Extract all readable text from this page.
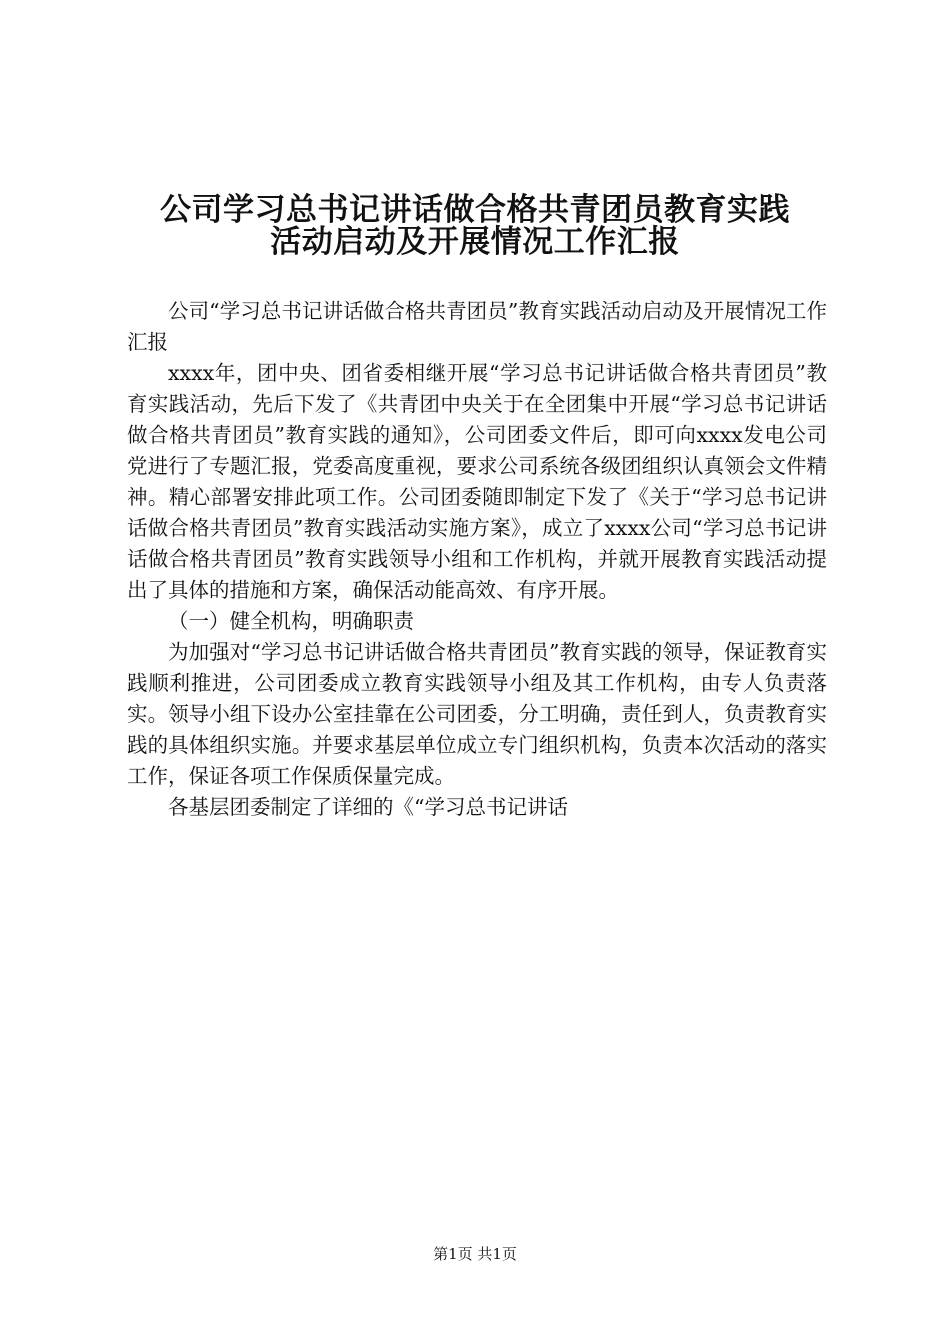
公司学习总书记讲话做合格共青团员教育实践
活动启动及开展情况工作汇报

公司“学习总书记讲话做合格共青团员”教育实践活动启动及开展情况工作汇报

xxxx年，团中央、团省委相继开展“学习总书记讲话做合格共青团员”教育实践活动，先后下发了《共青团中央关于在全团集中开展“学习总书记讲话做合格共青团员”教育实践的通知》，公司团委文件后，即可向xxxx发电公司党进行了专题汇报，党委高度重视，要求公司系统各级团组织认真领会文件精神。精心部署安排此项工作。公司团委随即制定下发了《关于“学习总书记讲话做合格共青团员”教育实践活动实施方案》，成立了xxxx公司“学习总书记讲话做合格共青团员”教育实践领导小组和工作机构，并就开展教育实践活动提出了具体的措施和方案，确保活动能高效、有序开展。

（一）健全机构，明确职责

为加强对“学习总书记讲话做合格共青团员”教育实践的领导，保证教育实践顺利推进，公司团委成立教育实践领导小组及其工作机构，由专人负责落实。领导小组下设办公室挂靠在公司团委，分工明确，责任到人，负责教育实践的具体组织实施。并要求基层单位成立专门组织机构，负责本次活动的落实工作，保证各项工作保质保量完成。

各基层团委制定了详细的《“学习总书记讲话

第1页 共1页
